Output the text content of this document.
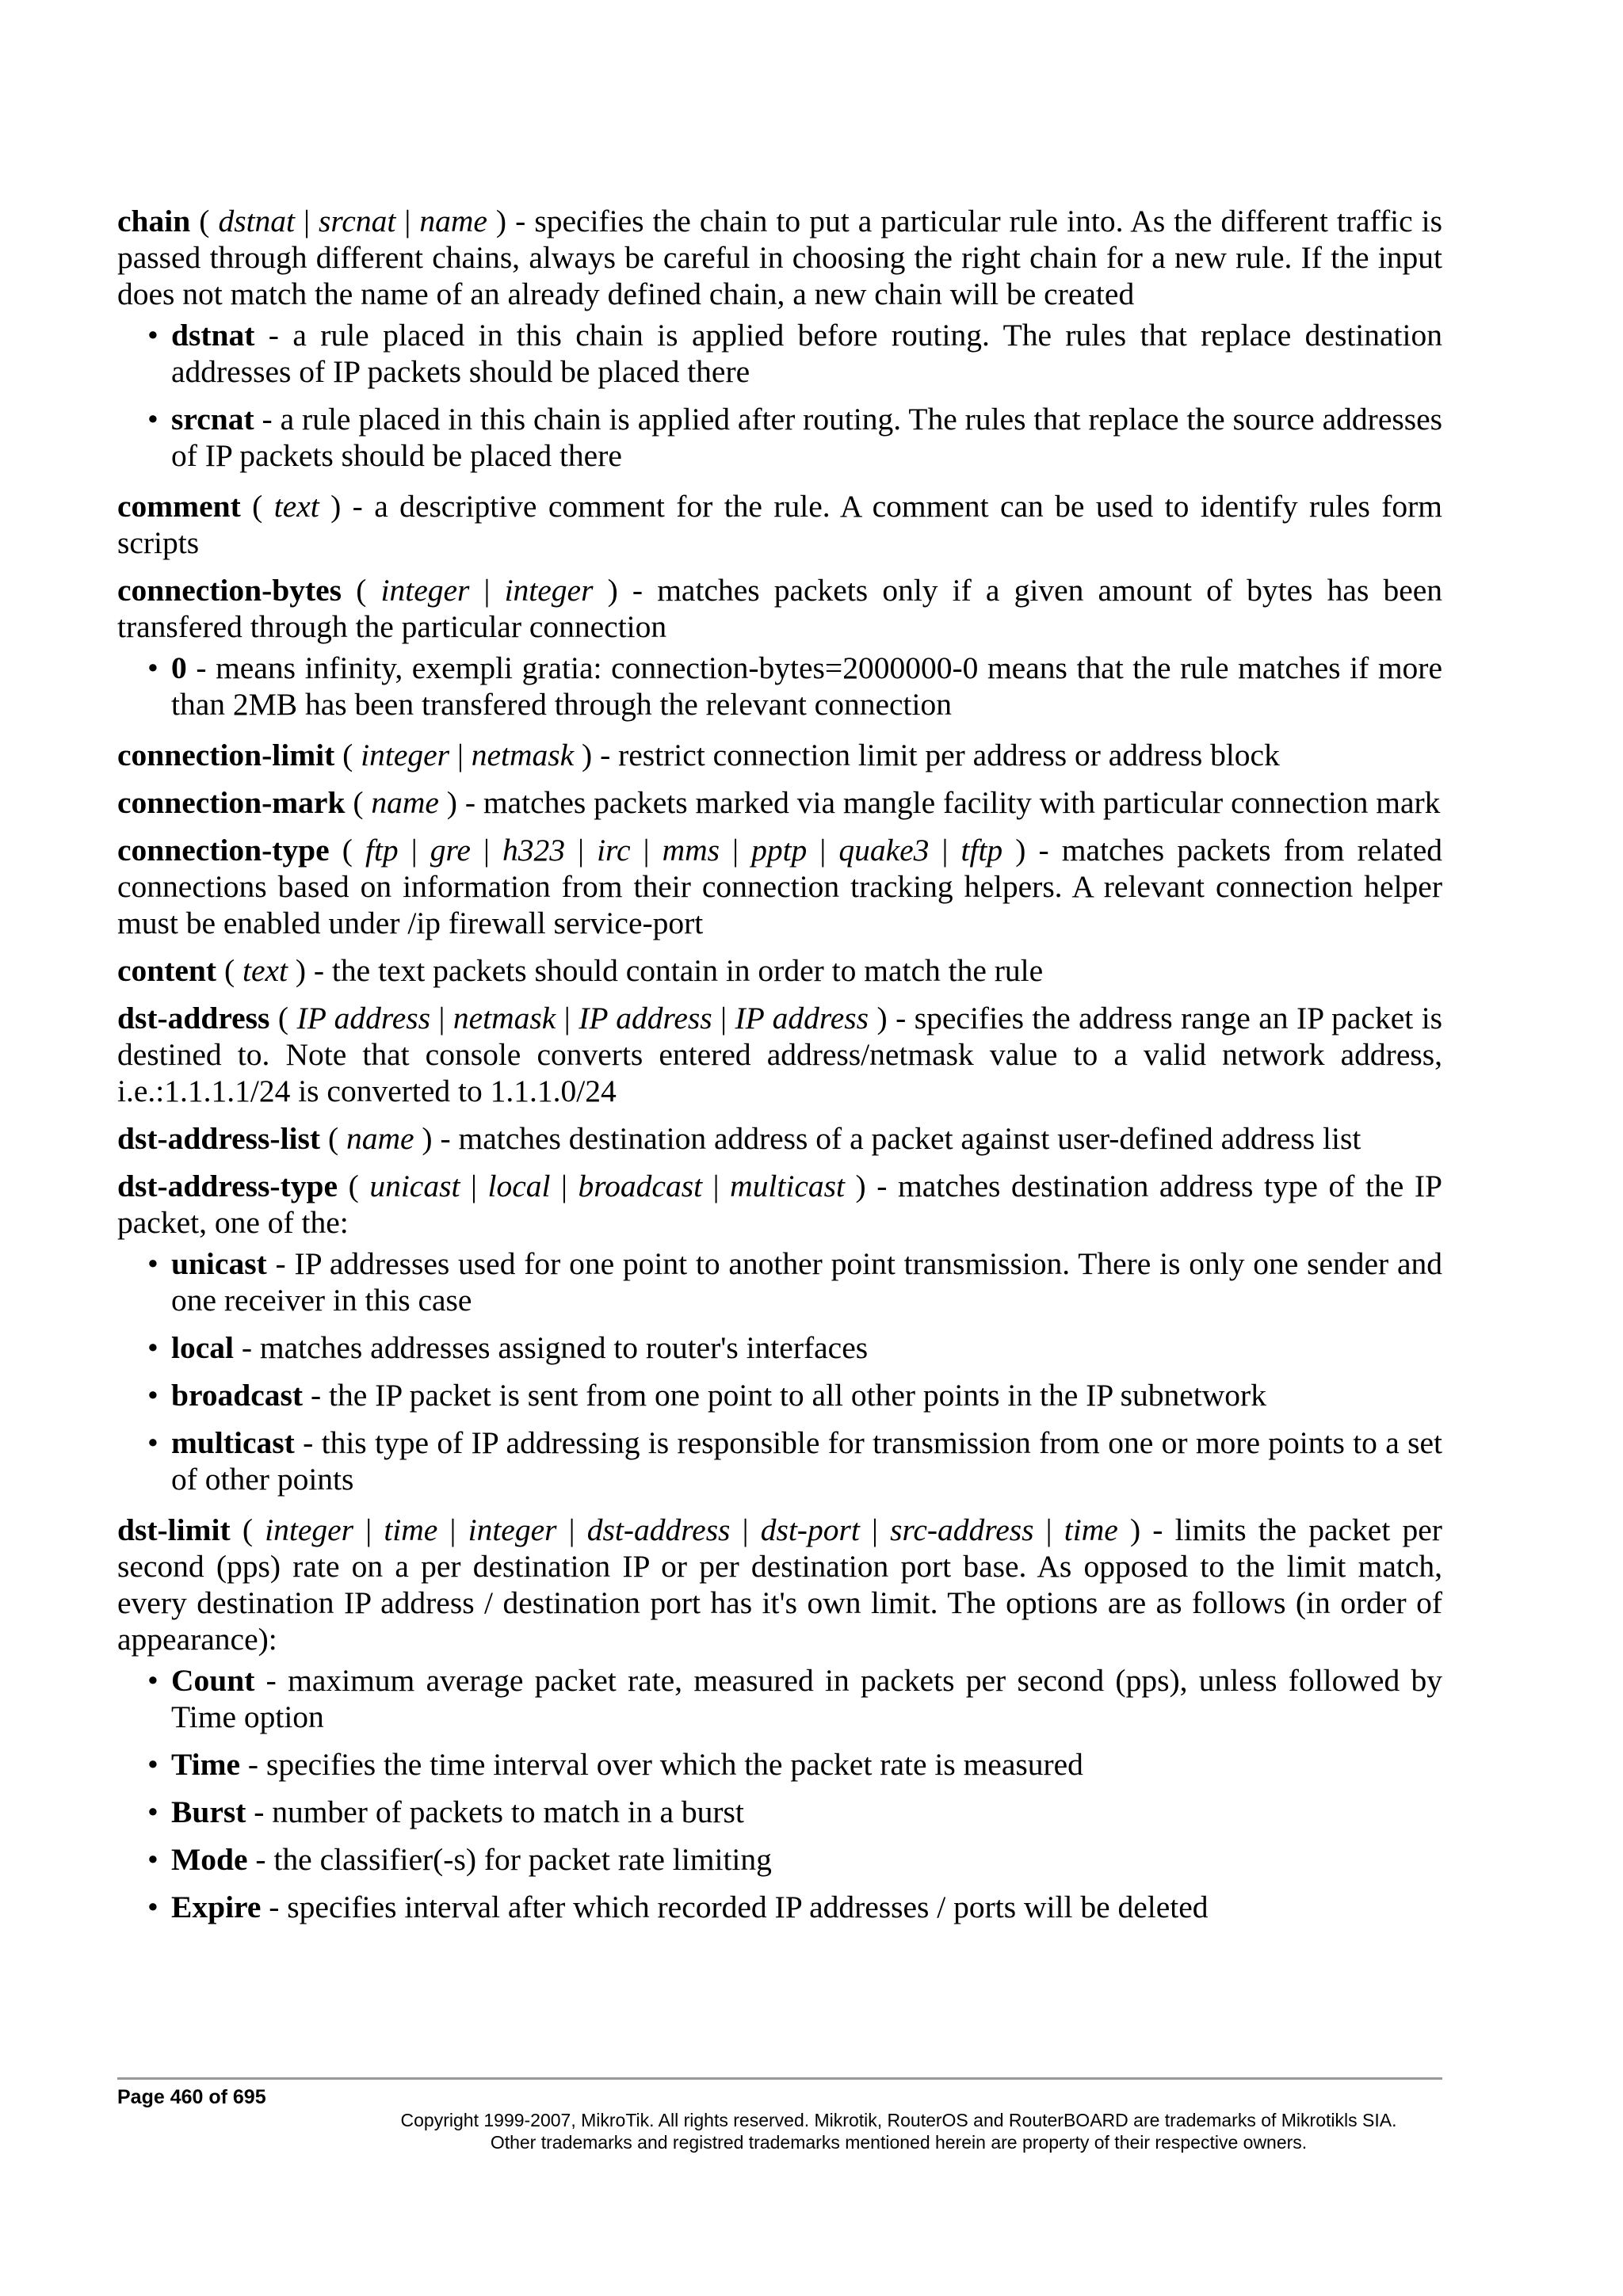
chain ( dstnat | srcnat | name ) - specifies the chain to put a particular rule into. As the different traffic is passed through different chains, always be careful in choosing the right chain for a new rule. If the input does not match the name of an already defined chain, a new chain will be created

• dstnat - a rule placed in this chain is applied before routing. The rules that replace destination addresses of IP packets should be placed there
• srcnat - a rule placed in this chain is applied after routing. The rules that replace the source addresses of IP packets should be placed there

comment ( text ) - a descriptive comment for the rule. A comment can be used to identify rules form scripts

connection-bytes ( integer | integer ) - matches packets only if a given amount of bytes has been transfered through the particular connection

• 0 - means infinity, exempli gratia: connection-bytes=2000000-0 means that the rule matches if more than 2MB has been transfered through the relevant connection

connection-limit ( integer | netmask ) - restrict connection limit per address or address block

connection-mark ( name ) - matches packets marked via mangle facility with particular connection mark

connection-type ( ftp | gre | h323 | irc | mms | pptp | quake3 | tftp ) - matches packets from related connections based on information from their connection tracking helpers. A relevant connection helper must be enabled under /ip firewall service-port

content ( text ) - the text packets should contain in order to match the rule

dst-address ( IP address | netmask | IP address | IP address ) - specifies the address range an IP packet is destined to. Note that console converts entered address/netmask value to a valid network address, i.e.:1.1.1.1/24 is converted to 1.1.1.0/24

dst-address-list ( name ) - matches destination address of a packet against user-defined address list

dst-address-type ( unicast | local | broadcast | multicast ) - matches destination address type of the IP packet, one of the:

• unicast - IP addresses used for one point to another point transmission. There is only one sender and one receiver in this case
• local - matches addresses assigned to router's interfaces
• broadcast - the IP packet is sent from one point to all other points in the IP subnetwork
• multicast - this type of IP addressing is responsible for transmission from one or more points to a set of other points

dst-limit ( integer | time | integer | dst-address | dst-port | src-address | time ) - limits the packet per second (pps) rate on a per destination IP or per destination port base. As opposed to the limit match, every destination IP address / destination port has it's own limit. The options are as follows (in order of appearance):

• Count - maximum average packet rate, measured in packets per second (pps), unless followed by Time option
• Time - specifies the time interval over which the packet rate is measured
• Burst - number of packets to match in a burst
• Mode - the classifier(-s) for packet rate limiting
• Expire - specifies interval after which recorded IP addresses / ports will be deleted
Page 460 of 695
Copyright 1999-2007, MikroTik. All rights reserved. Mikrotik, RouterOS and RouterBOARD are trademarks of Mikrotikls SIA.
Other trademarks and registred trademarks mentioned herein are property of their respective owners.
